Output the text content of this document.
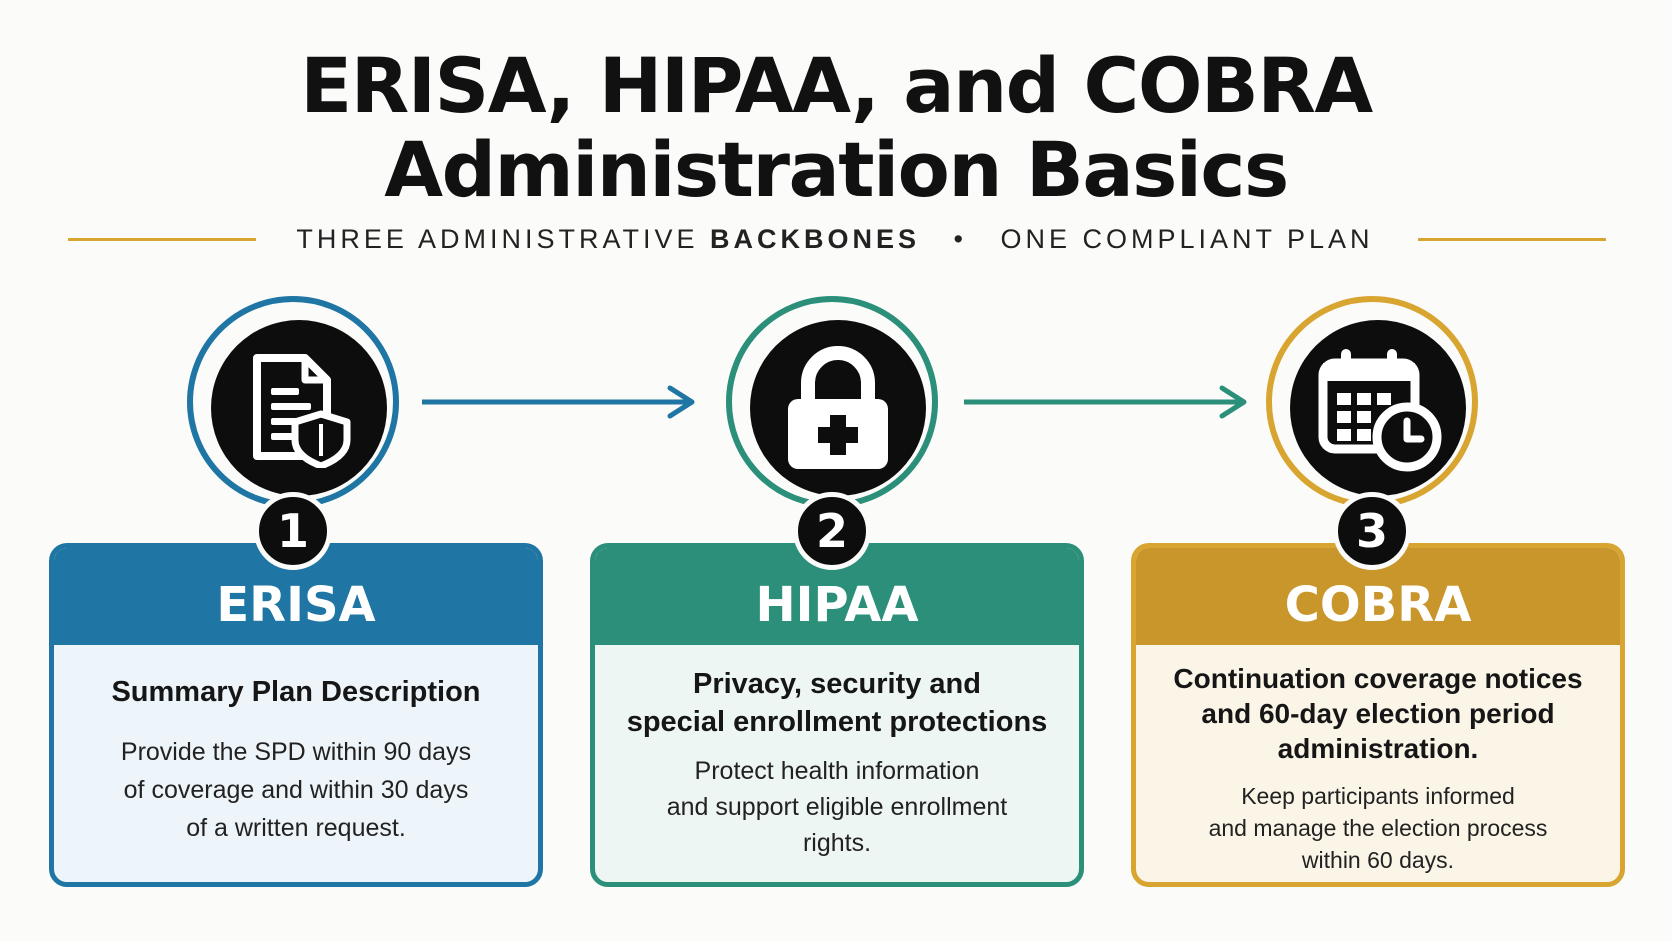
ERISA, HIPAA, and COBRA
Administration Basics
THREE ADMINISTRATIVE BACKBONES • ONE COMPLIANT PLAN
ERISA
Summary Plan Description
Provide the SPD within 90 days
of coverage and within 30 days
of a written request.
HIPAA
Privacy, security and
special enrollment protections
Protect health information
and support eligible enrollment
rights.
COBRA
Continuation coverage notices
and 60-day election period
administration.
Keep participants informed
and manage the election process
within 60 days.
1	2	3
